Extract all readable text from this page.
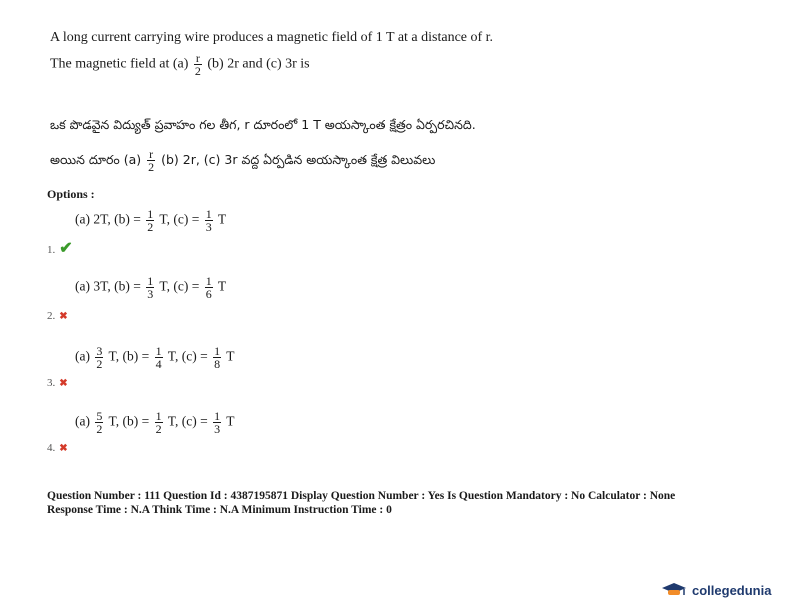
A long current carrying wire produces a magnetic field of 1 T at a distance of r.
The magnetic field at $(a) \frac{r}{2} (b)$ 2r and (c) 3r is
ఒక పొడవైన విద్యుత్ ప్రవాహం గల తీగ, r దూరంలో 1 T అయస్కాంత క్షేత్రం ఏర్పరచినది.
అయిన దూరం $(a) \frac{r}{2} (b)$ 2r, (c) 3r వద్ద ఏర్పడిన అయస్కాంత క్షేత్ర విలువలు
Options :
(a) 2T, $(b) = \frac{1}{2} T$, $(c) = \frac{1}{3}$ T
1. ✔
(a) 3T, $(b) = \frac{1}{3} T$, $(c) = \frac{1}{6}$ T
2. ✖
$(a) \frac{3}{2} T$, $(b) = \frac{1}{4} T$, $(c) = \frac{1}{8}$ T
3. ✖
$(a) \frac{5}{2} T$, $(b) = \frac{1}{2} T$, $(c) = \frac{1}{3}$ T
4. ✖
Question Number : 111 Question Id : 4387195871 Display Question Number : Yes Is Question Mandatory : No Calculator : None
Response Time : N.A Think Time : N.A Minimum Instruction Time : 0
collegedunia
